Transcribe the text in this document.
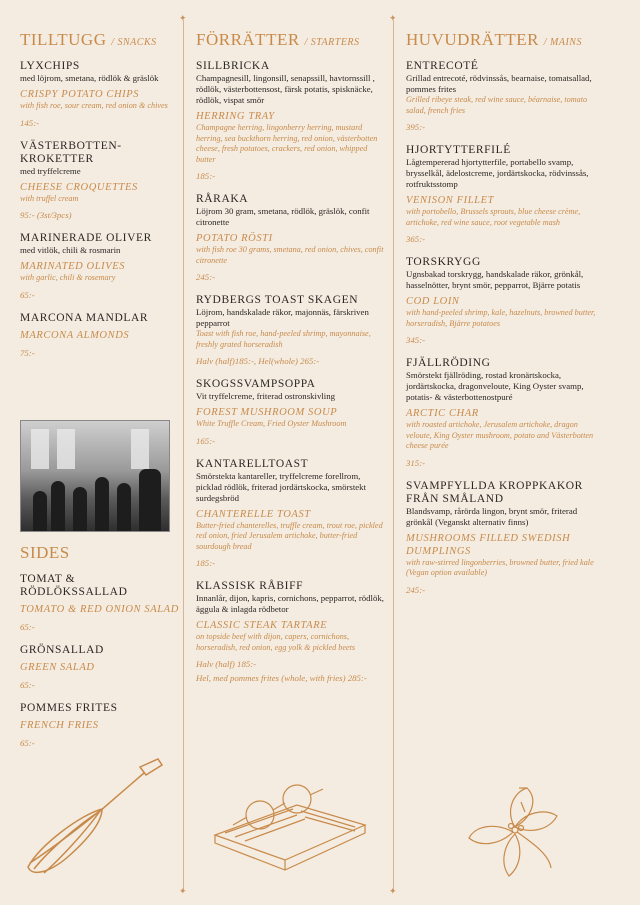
✦
✦
✦
✦
TILLTUGG / SNACKS
LYXCHIPS
med löjrom, smetana, rödlök & gräslök
CRISPY POTATO CHIPS
with fish roe, sour cream, red onion & chives
145:-
VÄSTERBOTTEN-KROKETTER
med tryffelcreme
CHEESE CROQUETTES
with truffel cream
95:- (3st/3pcs)
MARINERADE OLIVER
med vitlök, chili & rosmarin
MARINATED OLIVES
with garlic, chili & rosemary
65:-
MARCONA MANDLAR
MARCONA ALMONDS
75:-
SIDES
TOMAT & RÖDLÖKSSALLAD
TOMATO & RED ONION SALAD
65:-
GRÖNSALLAD
GREEN SALAD
65:-
POMMES FRITES
FRENCH FRIES
65:-
FÖRRÄTTER / STARTERS
SILLBRICKA
Champagnesill, lingonsill, senapssill, havtornssill , rödlök, västerbottensost, färsk potatis, spisknäcke, rödlök, vispat smör
HERRING TRAY
Champagne herring, lingonberry herring, mustard herring, sea buckthorn herring, red onion, västerbotten cheese, fresh potatoes, crackers, red onion, whipped butter
185:-
RÅRAKA
Löjrom 30 gram, smetana, rödlök, gräslök, confit citronette
POTATO RÖSTI
with fish roe 30 grams, smetana, red onion, chives, confit citronette
245:-
RYDBERGS TOAST SKAGEN
Löjrom, handskalade räkor, majonnäs, färskriven pepparrot
Toast with fish roe, hand-peeled shrimp, mayonnaise, freshly grated horseradish
Halv (half)185:-, Hel(whole) 265:-
SKOGSSVAMPSOPPA
Vit tryffelcreme, friterad ostronskivling
FOREST MUSHROOM SOUP
White Truffle Cream, Fried Oyster Mushroom
165:-
KANTARELLTOAST
Smörstekta kantareller, tryffelcreme forellrom, picklad rödlök, friterad jordärtskocka, smörstekt surdegsbröd
CHANTERELLE TOAST
Butter-fried chanterelles, truffle cream, trout roe, pickled red onion, fried Jerusalem artichoke, butter-fried sourdough bread
185:-
KLASSISK RÅBIFF
Innanlår, dijon, kapris, cornichons, pepparrot, rödlök, äggula & inlagda rödbetor
CLASSIC STEAK TARTARE
on topside beef with dijon, capers, cornichons, horseradish, red onion, egg yolk & pickled beets
Halv (half) 185:-
Hel, med pommes frites (whole, with fries) 285:-
HUVUDRÄTTER / MAINS
ENTRECOTÉ
Grillad entrecoté, rödvinssås, bearnaise, tomatsallad, pommes frites
Grilled ribeye steak, red wine sauce, béarnaise, tomato salad, french fries
395:-
HJORTYTTERFILÉ
Lågtempererad hjortytterfile, portabello svamp, brysselkål, ädelostcreme, jordärtskocka, rödvinssås, rotfruktsstomp
VENISON FILLET
with portobello, Brussels sprouts, blue cheese crème, artichoke, red wine sauce, root vegetable mash
365:-
TORSKRYGG
Ugnsbakad torskrygg, handskalade räkor, grönkål, hasselnötter, brynt smör, pepparrot, Bjärre potatis
COD LOIN
with hand-peeled shrimp, kale, hazelnuts, browned butter, horseradish, Bjärre potatoes
345:-
FJÄLLRÖDING
Smörstekt fjällröding, rostad kronärtskocka, jordärtskocka, dragonveloute, King Oyster svamp, potatis- & västerbottenostpuré
ARCTIC CHAR
with roasted artichoke, Jerusalem artichoke, dragon veloute, King Oyster mushroom, potato and Västerbotten cheese purée
315:-
SVAMPFYLLDA KROPPKAKOR FRÅN SMÅLAND
Blandsvamp, rårörda lingon, brynt smör, friterad grönkål (Veganskt alternativ finns)
MUSHROOMS FILLED SWEDISH DUMPLINGS
with raw-stirred lingonberries, browned butter, fried kale (Vegan option available)
245:-
